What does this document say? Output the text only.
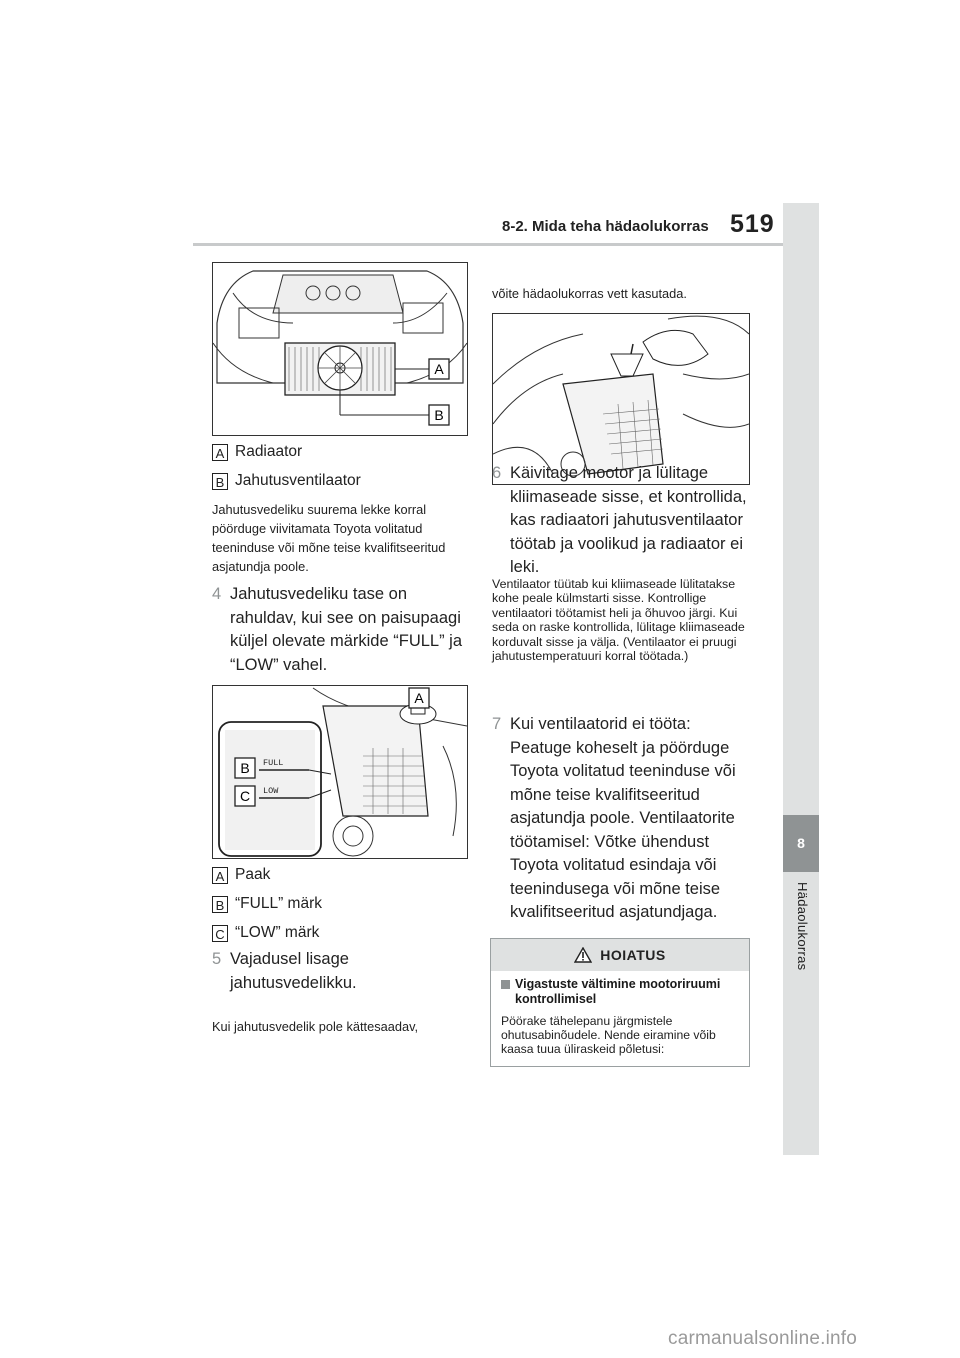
8-2. Mida teha hädaolukorras 519
8
Hädaolukorras
A
B
A Radiaator
B Jahutusventilaator
Jahutusvedeliku suurema lekke korral pöörduge viivitamata Toyota volitatud teeninduse või mõne teise kvalifitseeritud asjatundja poole.
4 Jahutusvedeliku tase on rahuldav, kui see on paisupaagi küljel olevate märkide “FULL” ja “LOW” vahel.
FULL
LOW
B
C
A
A Paak
B “FULL” märk
C “LOW” märk
5 Vajadusel lisage jahutusvedelikku.
Kui jahutusvedelik pole kättesaadav,
võite hädaolukorras vett kasutada.
6 Käivitage mootor ja lülitage kliimaseade sisse, et kontrollida, kas radiaatori jahutusventilaator töötab ja voolikud ja radiaator ei leki.
Ventilaator tüütab kui kliimaseade lülitatakse kohe peale külmstarti sisse. Kontrollige ventilaatori töötamist heli ja õhuvoo järgi. Kui seda on raske kontrollida, lülitage kliimaseade korduvalt sisse ja välja. (Ventilaator ei pruugi jahutustemperatuuri korral töötada.)
7 Kui ventilaatorid ei tööta: Peatuge koheselt ja pöörduge Toyota volitatud teeninduse või mõne teise kvalifitseeritud asjatundja poole. Ventilaatorite töötamisel: Võtke ühendust Toyota volitatud esindaja või teenindusega või mõne teise kvalifitseeritud asjatundjaga.
HOIATUS
Vigastuste vältimine mootoriruumi kontrollimisel
Pöörake tähelepanu järgmistele ohutusabinõudele. Nende eiramine võib kaasa tuua üliraskeid põletusi:
carmanualsonline.info
